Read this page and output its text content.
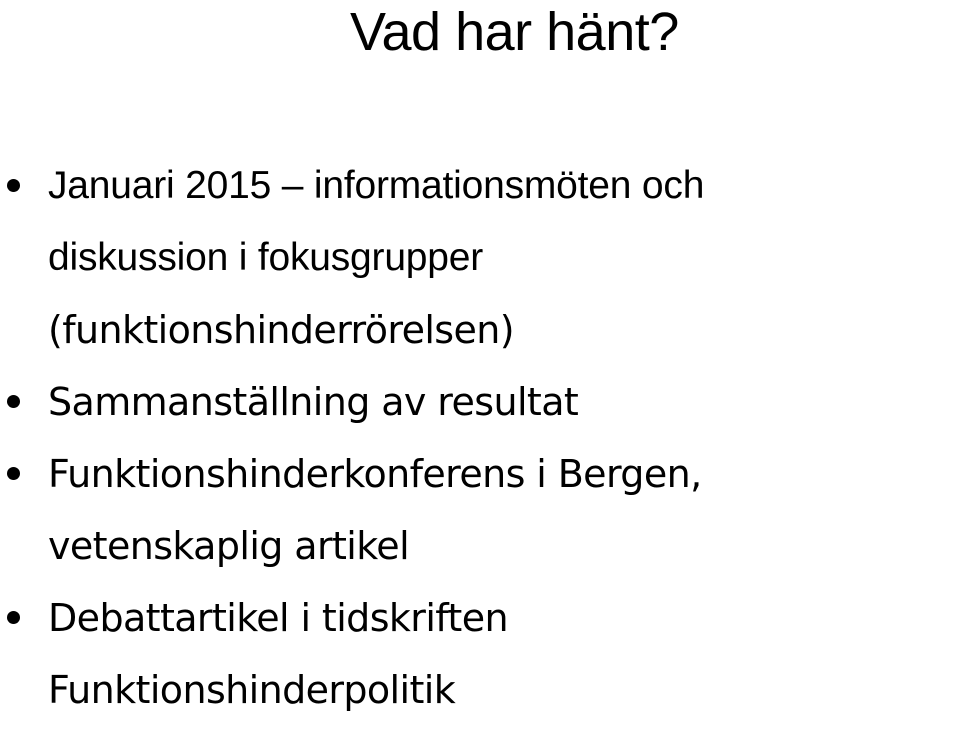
Vad har hänt?
Januari 2015 – informationsmöten och
diskussion i fokusgrupper
(funktionshinderrörelsen)
Sammanställning av resultat
Funktionshinderkonferens i Bergen,
vetenskaplig artikel
Debattartikel i tidskriften
Funktionshinderpolitik
